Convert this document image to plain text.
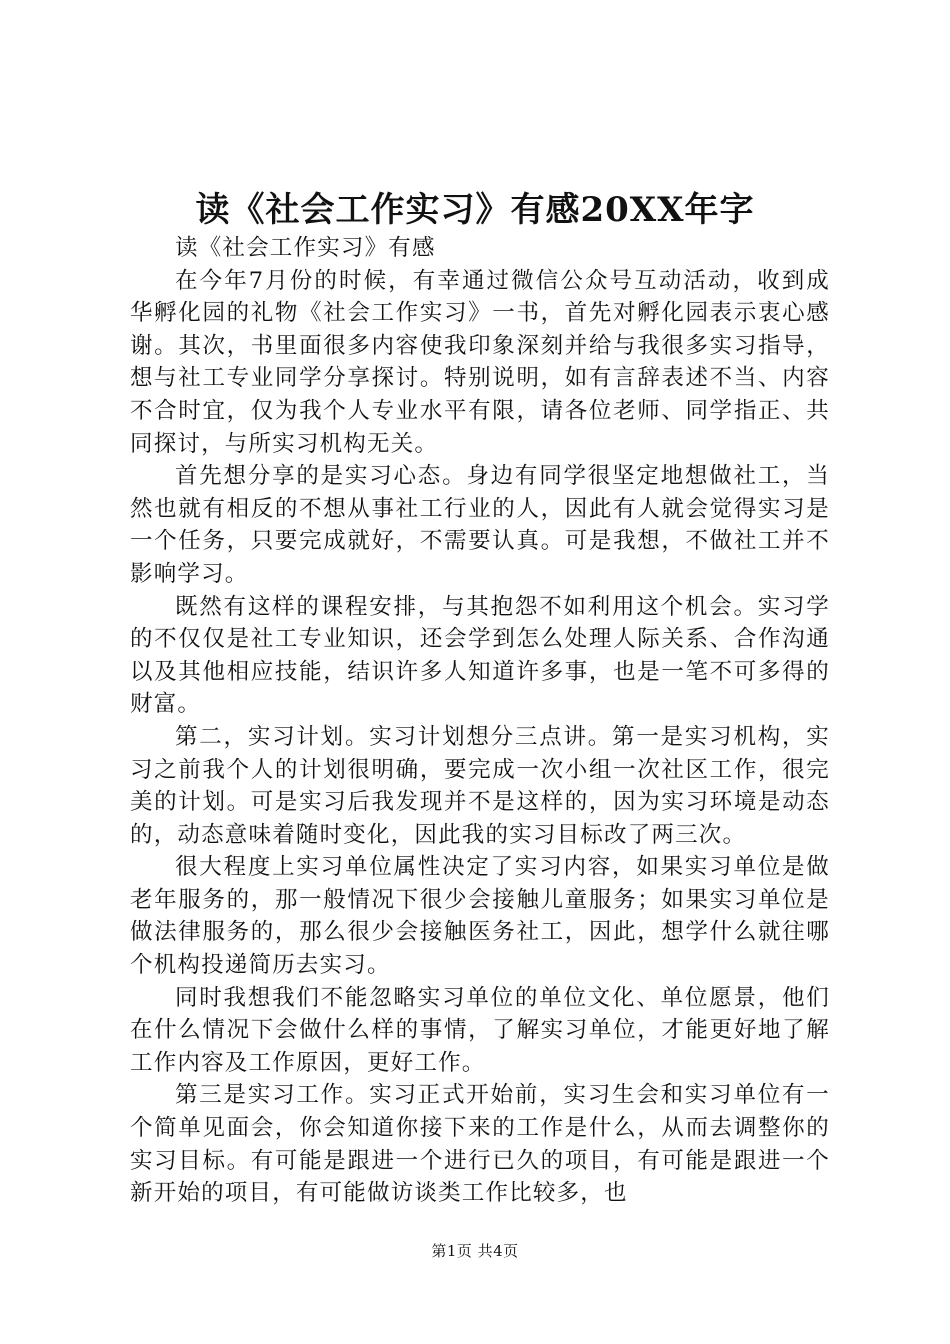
读《社会工作实习》有感20XX年字

读《社会工作实习》有感

在今年7月份的时候，有幸通过微信公众号互动活动，收到成华孵化园的礼物《社会工作实习》一书，首先对孵化园表示衷心感谢。其次，书里面很多内容使我印象深刻并给与我很多实习指导，想与社工专业同学分享探讨。特别说明，如有言辞表述不当、内容不合时宜，仅为我个人专业水平有限，请各位老师、同学指正、共同探讨，与所实习机构无关。

首先想分享的是实习心态。身边有同学很坚定地想做社工，当然也就有相反的不想从事社工行业的人，因此有人就会觉得实习是一个任务，只要完成就好，不需要认真。可是我想，不做社工并不影响学习。

既然有这样的课程安排，与其抱怨不如利用这个机会。实习学的不仅仅是社工专业知识，还会学到怎么处理人际关系、合作沟通以及其他相应技能，结识许多人知道许多事，也是一笔不可多得的财富。

第二，实习计划。实习计划想分三点讲。第一是实习机构，实习之前我个人的计划很明确，要完成一次小组一次社区工作，很完美的计划。可是实习后我发现并不是这样的，因为实习环境是动态的，动态意味着随时变化，因此我的实习目标改了两三次。

很大程度上实习单位属性决定了实习内容，如果实习单位是做老年服务的，那一般情况下很少会接触儿童服务；如果实习单位是做法律服务的，那么很少会接触医务社工，因此，想学什么就往哪个机构投递简历去实习。

同时我想我们不能忽略实习单位的单位文化、单位愿景，他们在什么情况下会做什么样的事情，了解实习单位，才能更好地了解工作内容及工作原因，更好工作。

第三是实习工作。实习正式开始前，实习生会和实习单位有一个简单见面会，你会知道你接下来的工作是什么，从而去调整你的实习目标。有可能是跟进一个进行已久的项目，有可能是跟进一个新开始的项目，有可能做访谈类工作比较多，也

第1页 共4页
